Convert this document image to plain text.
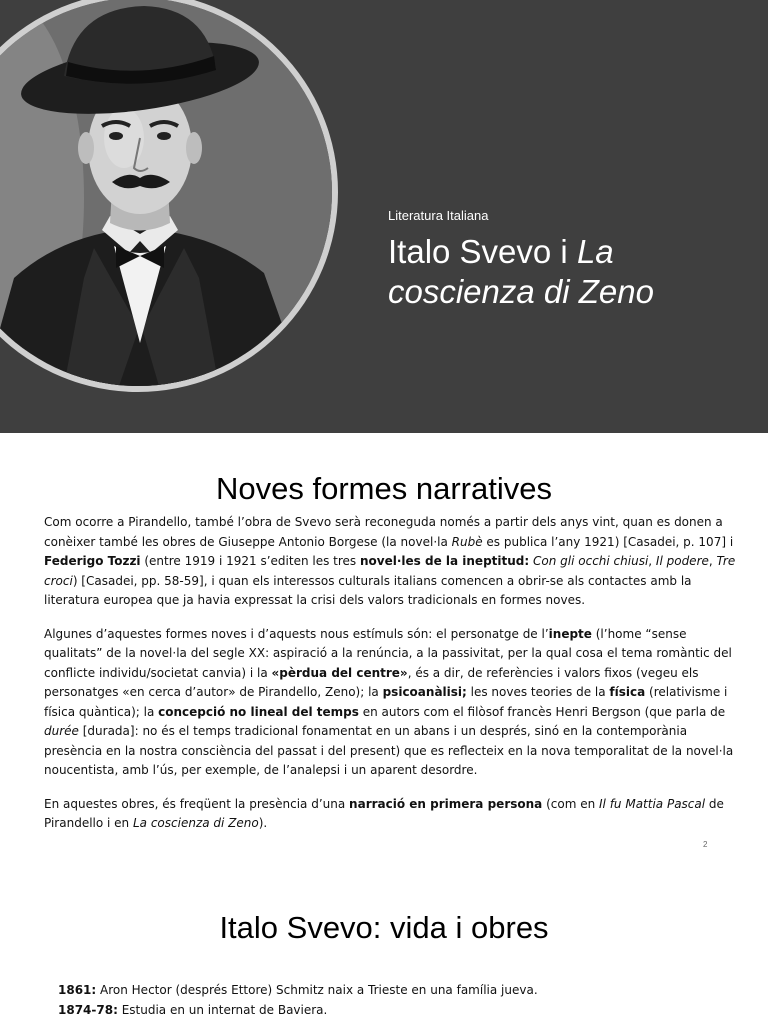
Literatura Italiana
Italo Svevo i La coscienza di Zeno
Noves formes narratives

Com ocorre a Pirandello, també l’obra de Svevo serà reconeguda només a partir dels anys vint, quan es donen a conèixer també les obres de Giuseppe Antonio Borgese (la novel·la Rubè es publica l’any 1921) [Casadei, p. 107] i Federigo Tozzi (entre 1919 i 1921 s’editen les tres novel·les de la ineptitud: Con gli occhi chiusi, Il podere, Tre croci) [Casadei, pp. 58-59], i quan els interessos culturals italians comencen a obrir-se als contactes amb la literatura europea que ja havia expressat la crisi dels valors tradicionals en formes noves.

Algunes d’aquestes formes noves i d’aquests nous estímuls són: el personatge de l’inepte (l’home “sense qualitats” de la novel·la del segle XX: aspiració a la renúncia, a la passivitat, per la qual cosa el tema romàntic del conflicte individu/societat canvia) i la «pèrdua del centre», és a dir, de referències i valors fixos (vegeu els personatges «en cerca d’autor» de Pirandello, Zeno); la psicoanàlisi; les noves teories de la física (relativisme i física quàntica); la concepció no lineal del temps en autors com el filòsof francès Henri Bergson (que parla de durée [durada]: no és el temps tradicional fonamentat en un abans i un després, sinó en la contemporània presència en la nostra consciència del passat i del present) que es reflecteix en la nova temporalitat de la novel·la noucentista, amb l’ús, per exemple, de l’analepsi i un aparent desordre.

En aquestes obres, és freqüent la presència d’una narració en primera persona (com en Il fu Mattia Pascal de Pirandello i en La coscienza di Zeno).

2
Italo Svevo: vida i obres
1861: Aron Hector (després Ettore) Schmitz naix a Trieste en una família jueva.
1874-78: Estudia en un internat de Baviera.
